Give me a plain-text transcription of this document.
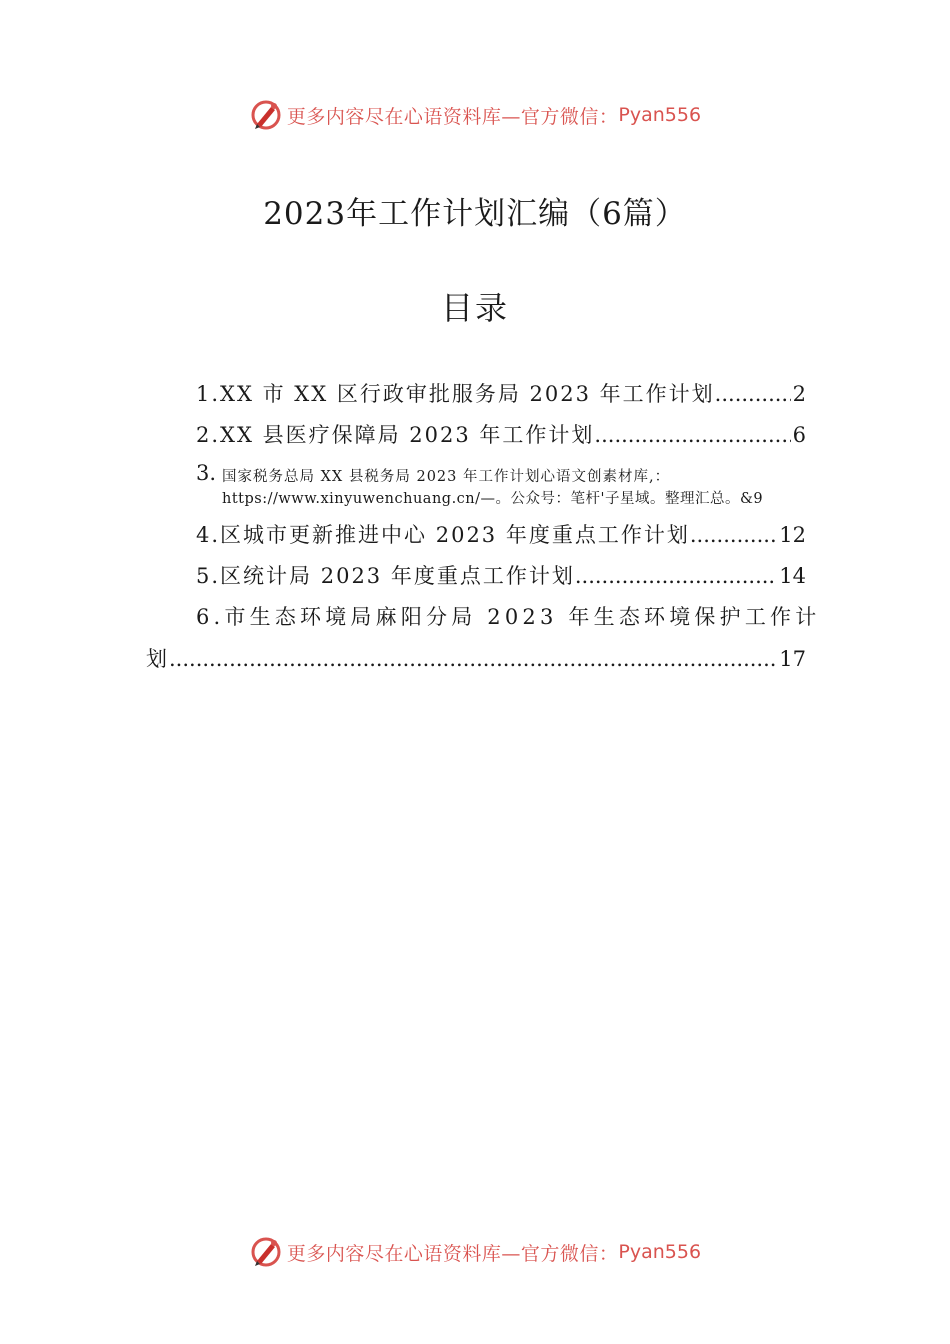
更多内容尽在心语资料库—官方微信： Pyan556
2023年工作计划汇编（6篇）
目录
1. XX 市 XX 区行政审批服务局 2023 年工作计划 .....	2
2. XX 县医疗保障局 2023 年工作计划 .....	6
3. 国家税务总局 XX 县税务局 2023 年工作计划心语文创素材库,：
https://www.xinyuwenchuang.cn/—。公众号：笔杆'子星域。整理汇总。&9
4. 区城市更新推进中心 2023 年度重点工作计划 .....	12
5. 区统计局 2023 年度重点工作计划 .....	14
6.市生态环境局麻阳分局 2023 年生态环境保护工作计
划 .....	17
更多内容尽在心语资料库—官方微信： Pyan556
